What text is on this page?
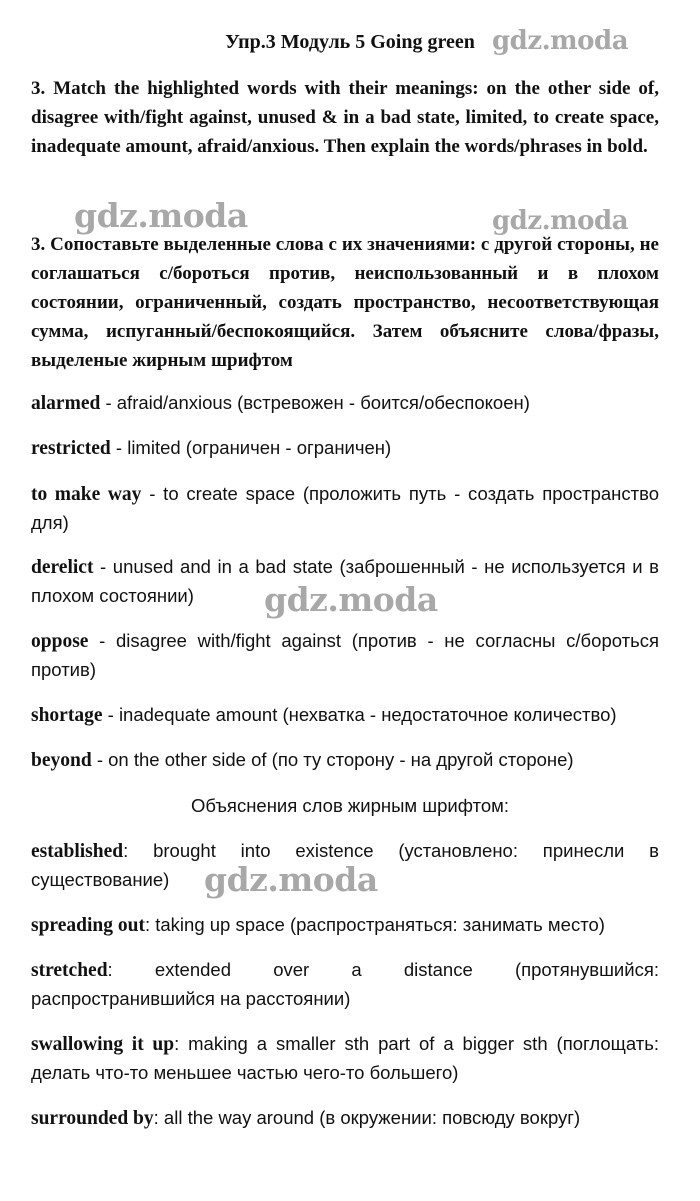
Упр.3 Модуль 5 Going green
3. Match the highlighted words with their meanings: on the other side of, disagree with/fight against, unused & in a bad state, limited, to create space, inadequate amount, afraid/anxious. Then explain the words/phrases in bold.
3. Сопоставьте выделенные слова с их значениями: с другой стороны, не соглашаться с/бороться против, неиспользованный и в плохом состоянии, ограниченный, создать пространство, несоответствующая сумма, испуганный/беспокоящийся. Затем объясните слова/фразы, выделеные жирным шрифтом
alarmed - afraid/anxious (встревожен - боится/обеспокоен)
restricted - limited (ограничен - ограничен)
to make way - to create space (проложить путь - создать пространство для)
derelict - unused and in a bad state (заброшенный - не используется и в плохом состоянии)
oppose - disagree with/fight against (против - не согласны с/бороться против)
shortage - inadequate amount (нехватка - недостаточное количество)
beyond - on the other side of (по ту сторону - на другой стороне)
Объяснения слов жирным шрифтом:
established: brought into existence (установлено: принесли в существование)
spreading out: taking up space (распространяться: занимать место)
stretched: extended over a distance (протянувшийся: распространившийся на расстоянии)
swallowing it up: making a smaller sth part of a bigger sth (поглощать: делать что-то меньшее частью чего-то большего)
surrounded by: all the way around (в окружении: повсюду вокруг)
gdz.moda
gdz.moda	gdz.moda
gdz.moda
gdz.moda
